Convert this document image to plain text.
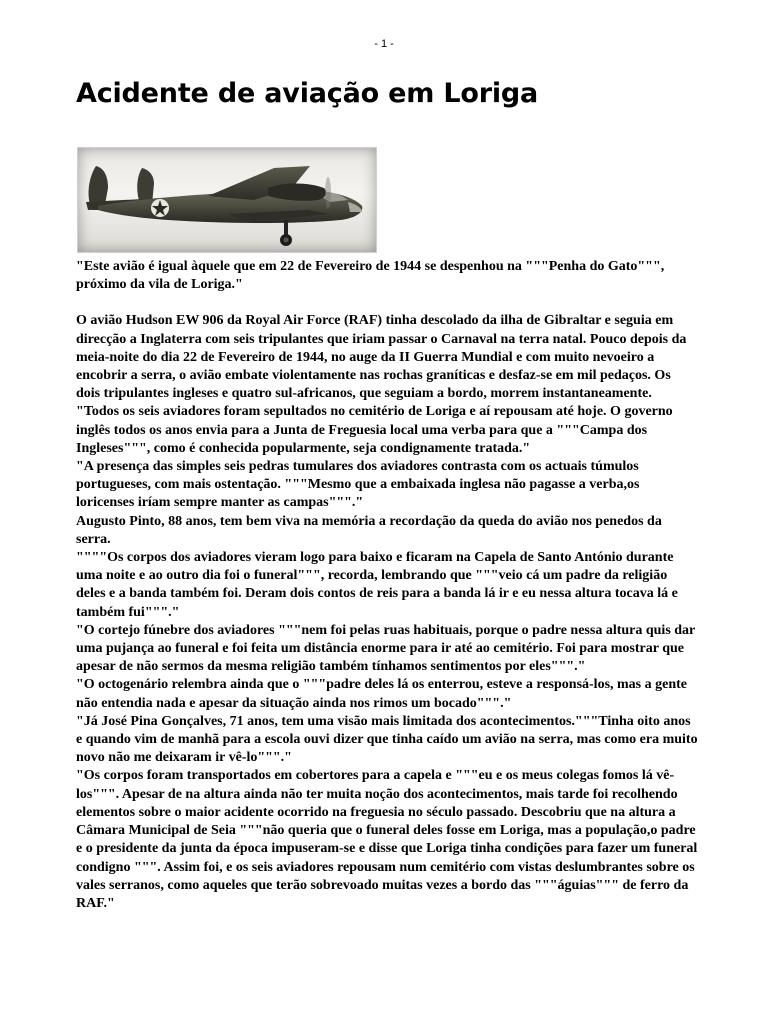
- 1 -
Acidente de aviação em Loriga

"Este avião é igual àquele que em 22 de Fevereiro de 1944 se despenhou na """Penha do Gato""", próximo da vila de Loriga."

O avião Hudson EW 906 da Royal Air Force (RAF) tinha descolado da ilha de Gibraltar e seguia em direcção a Inglaterra com seis tripulantes que iriam passar o Carnaval na terra natal. Pouco depois da meia-noite do dia 22 de Fevereiro de 1944, no auge da II Guerra Mundial e com muito nevoeiro a encobrir a serra, o avião embate violentamente nas rochas graníticas e desfaz-se em mil pedaços. Os dois tripulantes ingleses e quatro sul-africanos, que seguiam a bordo, morrem instantaneamente.

"Todos os seis aviadores foram sepultados no cemitério de Loriga e aí repousam até hoje. O governo inglês todos os anos envia para a Junta de Freguesia local uma verba para que a """Campa dos Ingleses""", como é conhecida popularmente, seja condignamente tratada."

"A presença das simples seis pedras tumulares dos aviadores contrasta com os actuais túmulos portugueses, com mais ostentação. """Mesmo que a embaixada inglesa não pagasse a verba,os loricenses iríam sempre manter as campas"""."

Augusto Pinto, 88 anos, tem bem viva na memória a recordação da queda do avião nos penedos da serra.

""""Os corpos dos aviadores vieram logo para baixo e ficaram na Capela de Santo António durante uma noite e ao outro dia foi o funeral""", recorda, lembrando que """veio cá um padre da religião deles e a banda também foi. Deram dois contos de reis para a banda lá ir e eu nessa altura tocava lá e também fui"""."

"O cortejo fúnebre dos aviadores """nem foi pelas ruas habituais, porque o padre nessa altura quis dar uma pujança ao funeral e foi feita um distância enorme para ir até ao cemitério. Foi para mostrar que apesar de não sermos da mesma religião também tínhamos sentimentos por eles"""."

"O octogenário relembra ainda que o """padre deles lá os enterrou, esteve a responsá-los, mas a gente não entendia nada e apesar da situação ainda nos rimos um bocado"""."

"Já José Pina Gonçalves, 71 anos, tem uma visão mais limitada dos acontecimentos."""Tinha oito anos e quando vim de manhã para a escola ouvi dizer que tinha caído um avião na serra, mas como era muito novo não me deixaram ir vê-lo"""."

"Os corpos foram transportados em cobertores para a capela e """eu e os meus colegas fomos lá vê-los""". Apesar de na altura ainda não ter muita noção dos acontecimentos, mais tarde foi recolhendo elementos sobre o maior acidente ocorrido na freguesia no século passado. Descobriu que na altura a Câmara Municipal de Seia """não queria que o funeral deles fosse em Loriga, mas a população,o padre e o presidente da junta da época impuseram-se e disse que Loriga tinha condições para fazer um funeral condigno """. Assim foi, e os seis aviadores repousam num cemitério com vistas deslumbrantes sobre os vales serranos, como aqueles que terão sobrevoado muitas vezes a bordo das """águias""" de ferro da RAF."
